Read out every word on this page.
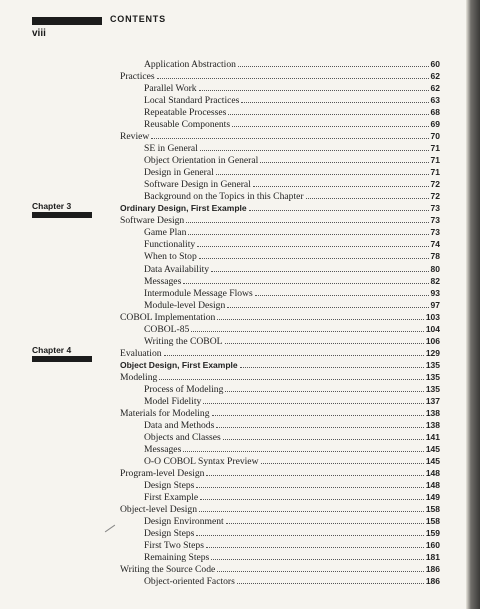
CONTENTS
viii
Chapter 3
Chapter 4
Application Abstraction	60
Practices	62
Parallel Work	62
Local Standard Practices	63
Repeatable Processes	68
Reusable Components	69
Review	70
SE in General	71
Object Orientation in General	71
Design in General	71
Software Design in General	72
Background on the Topics in this Chapter	72
Ordinary Design, First Example	73
Software Design	73
Game Plan	73
Functionality	74
When to Stop	78
Data Availability	80
Messages	82
Intermodule Message Flows	93
Module-level Design	97
COBOL Implementation	103
COBOL-85	104
Writing the COBOL	106
Evaluation	129
Object Design, First Example	135
Modeling	135
Process of Modeling	135
Model Fidelity	137
Materials for Modeling	138
Data and Methods	138
Objects and Classes	141
Messages	145
O-O COBOL Syntax Preview	145
Program-level Design	148
Design Steps	148
First Example	149
Object-level Design	158
Design Environment	158
Design Steps	159
First Two Steps	160
Remaining Steps	181
Writing the Source Code	186
Object-oriented Factors	186
